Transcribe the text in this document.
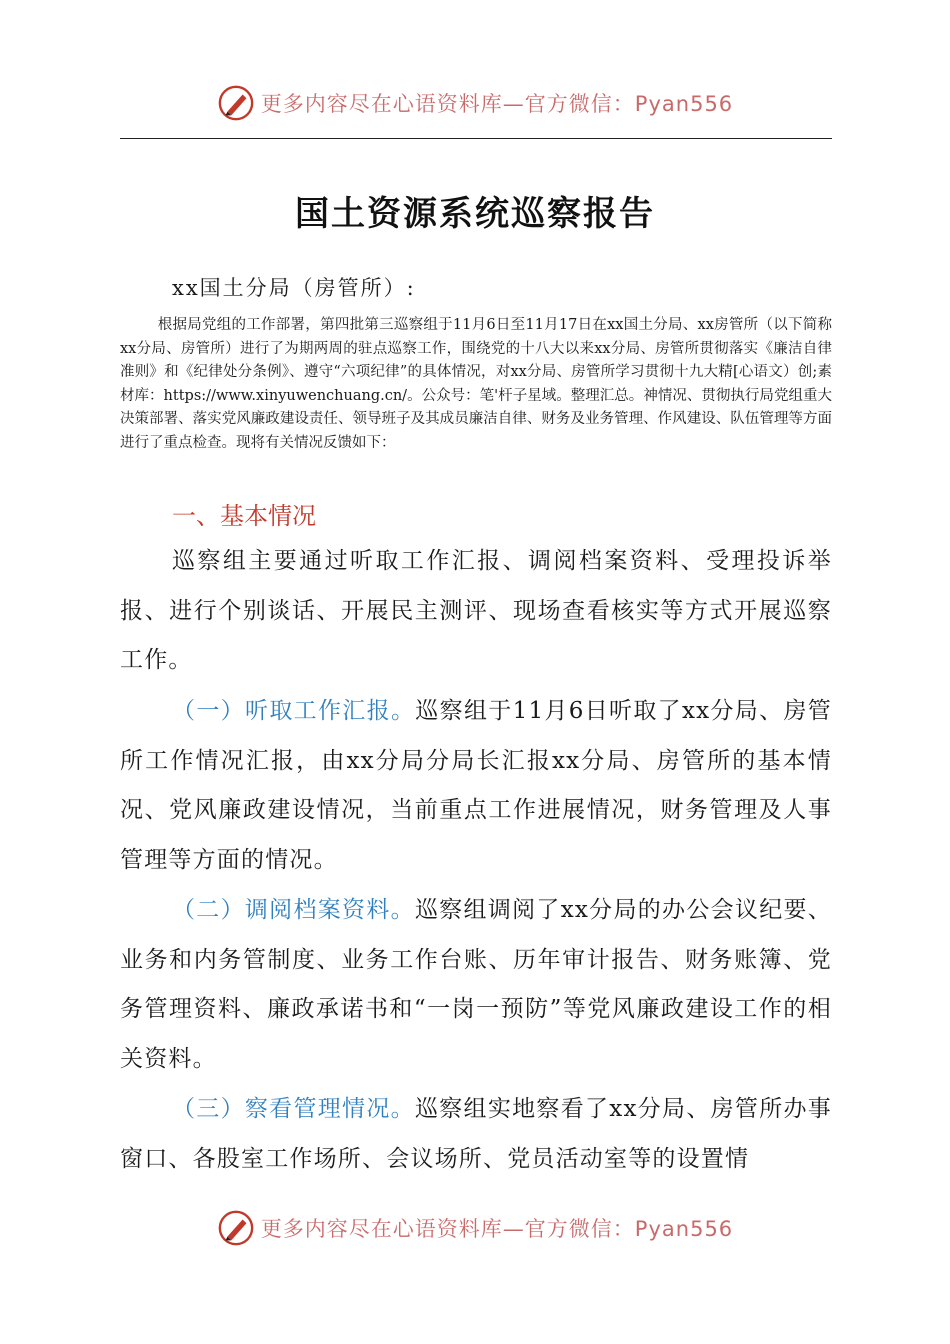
更多内容尽在心语资料库—官方微信：Pyan556
国土资源系统巡察报告
xx国土分局（房管所）:
根据局党组的工作部署，第四批第三巡察组于11月6日至11月17日在xx国土分局、xx房管所（以下简称xx分局、房管所）进行了为期两周的驻点巡察工作，围绕党的十八大以来xx分局、房管所贯彻落实《廉洁自律准则》和《纪律处分条例》、遵守“六项纪律”的具体情况，对xx分局、房管所学习贯彻十九大精[心语文）创;素材库：https://www.xinyuwenchuang.cn/。公众号：笔'杆子星域。整理汇总。神情况、贯彻执行局党组重大决策部署、落实党风廉政建设责任、领导班子及其成员廉洁自律、财务及业务管理、作风建设、队伍管理等方面进行了重点检查。现将有关情况反馈如下：
一、基本情况
巡察组主要通过听取工作汇报、调阅档案资料、受理投诉举报、进行个别谈话、开展民主测评、现场查看核实等方式开展巡察工作。
（一）听取工作汇报。巡察组于11月6日听取了xx分局、房管所工作情况汇报，由xx分局分局长汇报xx分局、房管所的基本情况、党风廉政建设情况，当前重点工作进展情况，财务管理及人事管理等方面的情况。
（二）调阅档案资料。巡察组调阅了xx分局的办公会议纪要、业务和内务管制度、业务工作台账、历年审计报告、财务账簿、党务管理资料、廉政承诺书和“一岗一预防”等党风廉政建设工作的相关资料。
（三）察看管理情况。巡察组实地察看了xx分局、房管所办事窗口、各股室工作场所、会议场所、党员活动室等的设置情
更多内容尽在心语资料库—官方微信：Pyan556
